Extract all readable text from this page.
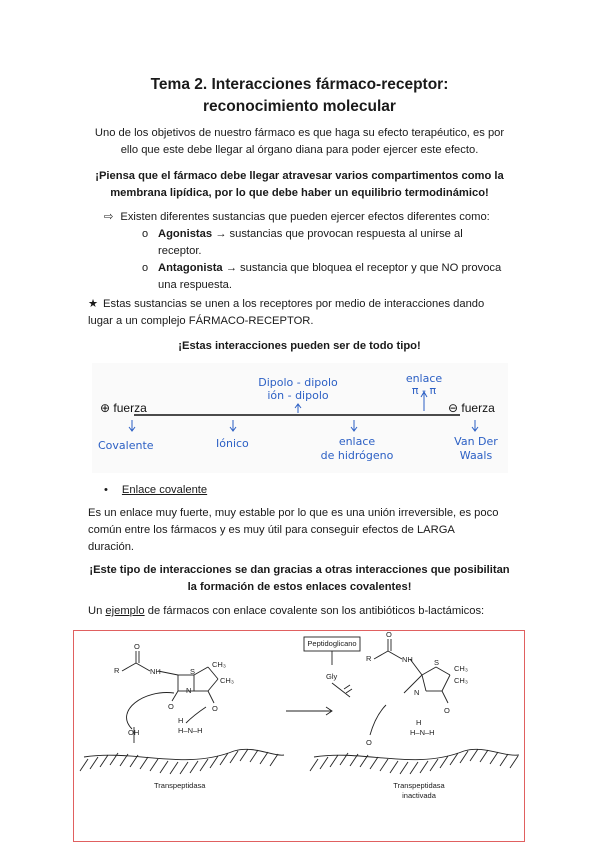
Tema 2. Interacciones fármaco-receptor:
reconocimiento molecular
Uno de los objetivos de nuestro fármaco es que haga su efecto terapéutico, es por
ello que este debe llegar al órgano diana para poder ejercer este efecto.
¡Piensa que el fármaco debe llegar atravesar varios compartimentos como la
membrana lipídica, por lo que debe haber un equilibrio termodinámico!
⇨ Existen diferentes sustancias que pueden ejercer efectos diferentes como:
o Agonistas → sustancias que provocan respuesta al unirse al
receptor.
o Antagonista → sustancia que bloquea el receptor y que NO provoca
una respuesta.
★ Estas sustancias se unen a los receptores por medio de interacciones dando
lugar a un complejo FÁRMACO-RECEPTOR.
¡Estas interacciones pueden ser de todo tipo!
⊕ fuerza	⊖ fuerza
Dipolo - dipolo
ión - dipolo
enlace
π - π
Covalente	Iónico	enlace
de hidrógeno
Van Der
Waals
• Enlace covalente
Es un enlace muy fuerte, muy estable por lo que es una unión irreversible, es poco
común entre los fármacos y es muy útil para conseguir efectos de LARGA
duración.
¡Este tipo de interacciones se dan gracias a otras interacciones que posibilitan
la formación de estos enlaces covalentes!
Un ejemplo de fármacos con enlace covalente son los antibióticos b-lactámicos:
R
O
NH	S
CH₃
CH₃
O
N
O
OH
H
H–N–H
R
O
NH	S
CH₃
CH₃
N
Gly
O
O
H
H–N–H
Peptidoglicano
Transpeptidasa	Transpeptidasa
inactivada
